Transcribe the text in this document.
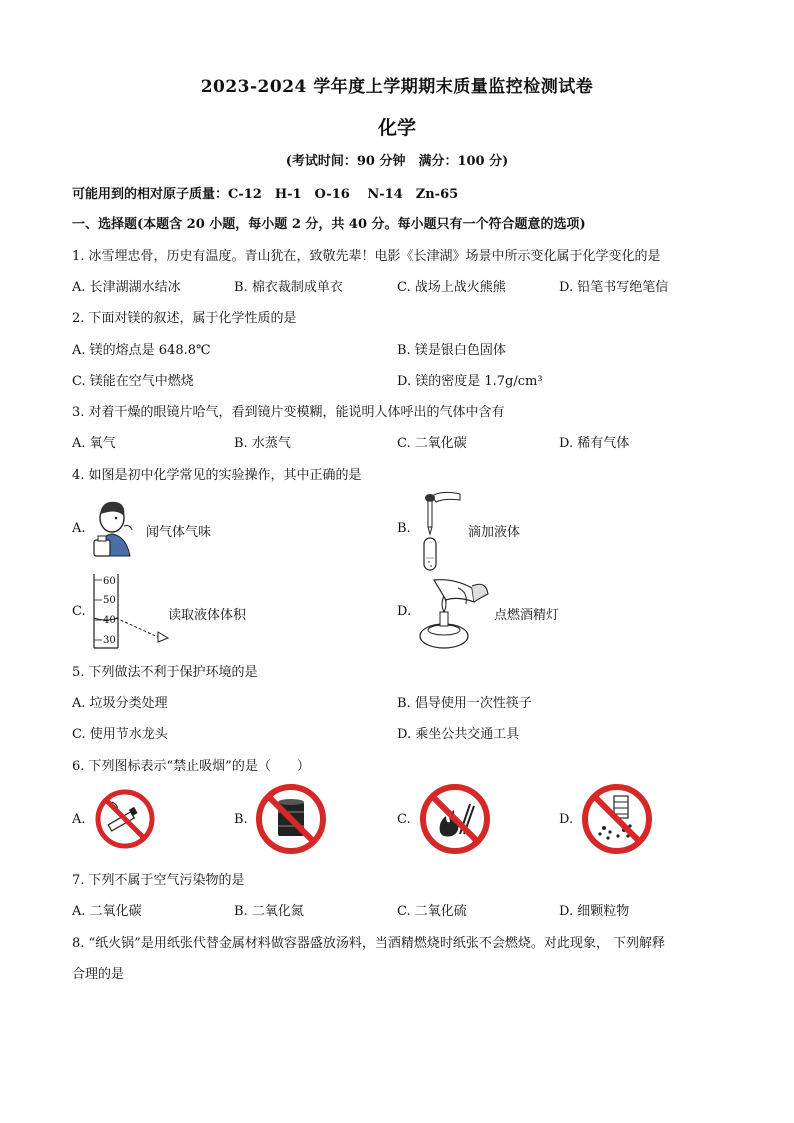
2023-2024 学年度上学期期末质量监控检测试卷
化学
(考试时间：90 分钟　满分：100 分)
可能用到的相对原子质量：C-12　H-1　O-16　 N-14　Zn-65
一、选择题(本题含 20 小题，每小题 2 分，共 40 分。每小题只有一个符合题意的选项)
1. 冰雪埋忠骨，历史有温度。青山犹在，致敬先辈！电影《长津湖》场景中所示变化属于化学变化的是
A. 长津湖湖水结冰	B. 棉衣裁制成单衣	C. 战场上战火熊熊	D. 铅笔书写绝笔信
2. 下面对镁的叙述，属于化学性质的是
A. 镁的熔点是 648.8℃	B. 镁是银白色固体
C. 镁能在空气中燃烧	D. 镁的密度是 1.7g/cm³
3. 对着干燥的眼镜片哈气，看到镜片变模糊，能说明人体呼出的气体中含有
A. 氧气	B. 水蒸气	C. 二氧化碳	D. 稀有气体
4. 如图是初中化学常见的实验操作，其中正确的是
A.	闻气体气味	B.	滴加液体
C.
60
50
40
30
读取液体体积	D.	点燃酒精灯
5. 下列做法不利于保护环境的是
A. 垃圾分类处理	B. 倡导使用一次性筷子
C. 使用节水龙头	D. 乘坐公共交通工具
6. 下列图标表示“禁止吸烟”的是（　　）
A.	B.	C.	D.
7. 下列不属于空气污染物的是
A. 二氧化碳	B. 二氧化氮	C. 二氧化硫	D. 细颗粒物
8. “纸火锅”是用纸张代替金属材料做容器盛放汤料，当酒精燃烧时纸张不会燃烧。对此现象， 下列解释
合理的是
